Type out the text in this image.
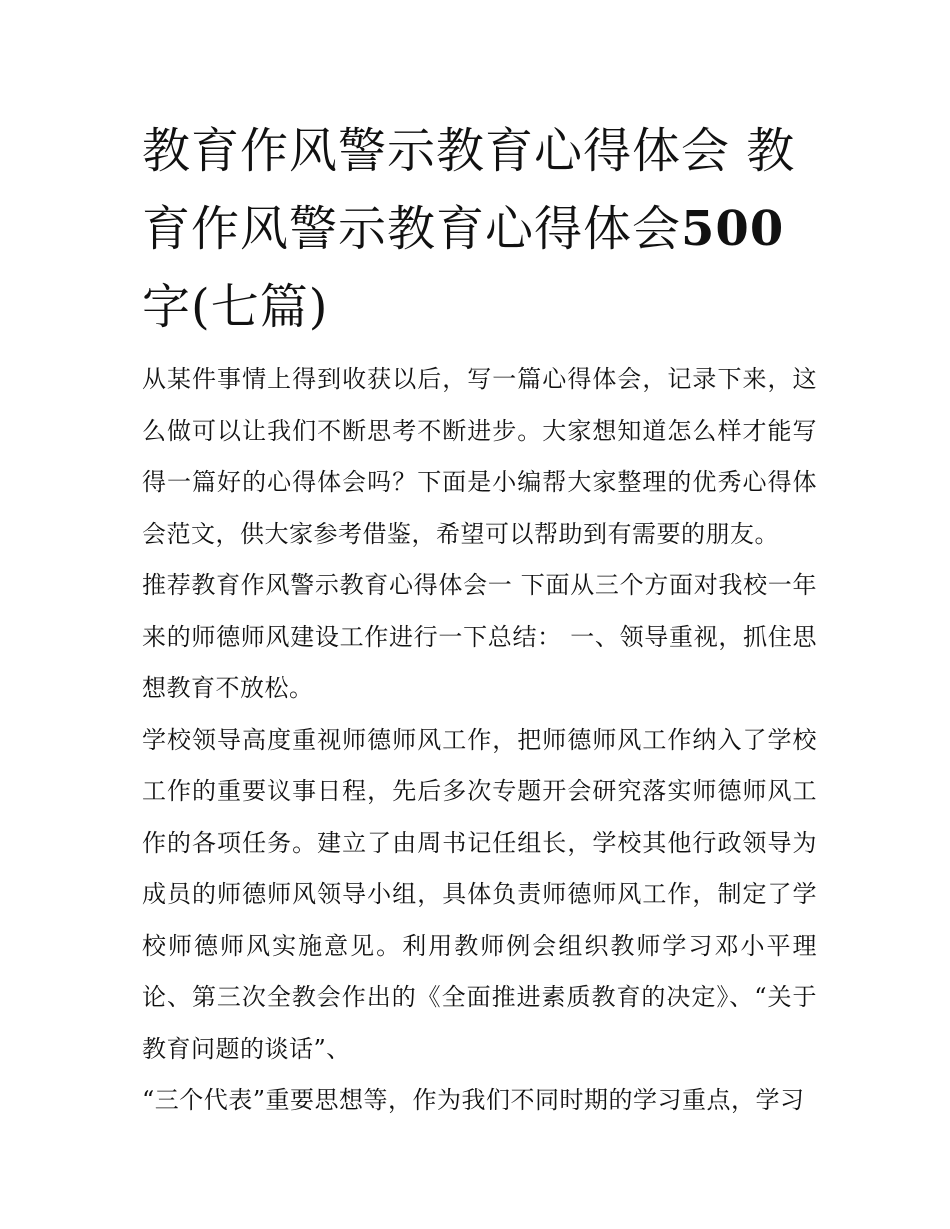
教育作风警示教育心得体会 教育作风警示教育心得体会500字(七篇)

从某件事情上得到收获以后，写一篇心得体会，记录下来，这么做可以让我们不断思考不断进步。大家想知道怎么样才能写得一篇好的心得体会吗？下面是小编帮大家整理的优秀心得体会范文，供大家参考借鉴，希望可以帮助到有需要的朋友。

推荐教育作风警示教育心得体会一 下面从三个方面对我校一年来的师德师风建设工作进行一下总结： 一、领导重视，抓住思想教育不放松。

学校领导高度重视师德师风工作，把师德师风工作纳入了学校工作的重要议事日程，先后多次专题开会研究落实师德师风工作的各项任务。建立了由周书记任组长，学校其他行政领导为成员的师德师风领导小组，具体负责师德师风工作，制定了学校师德师风实施意见。利用教师例会组织教师学习邓小平理论、第三次全教会作出的《全面推进素质教育的决定》、“关于教育问题的谈话”、

“三个代表”重要思想等，作为我们不同时期的学习重点，学习
